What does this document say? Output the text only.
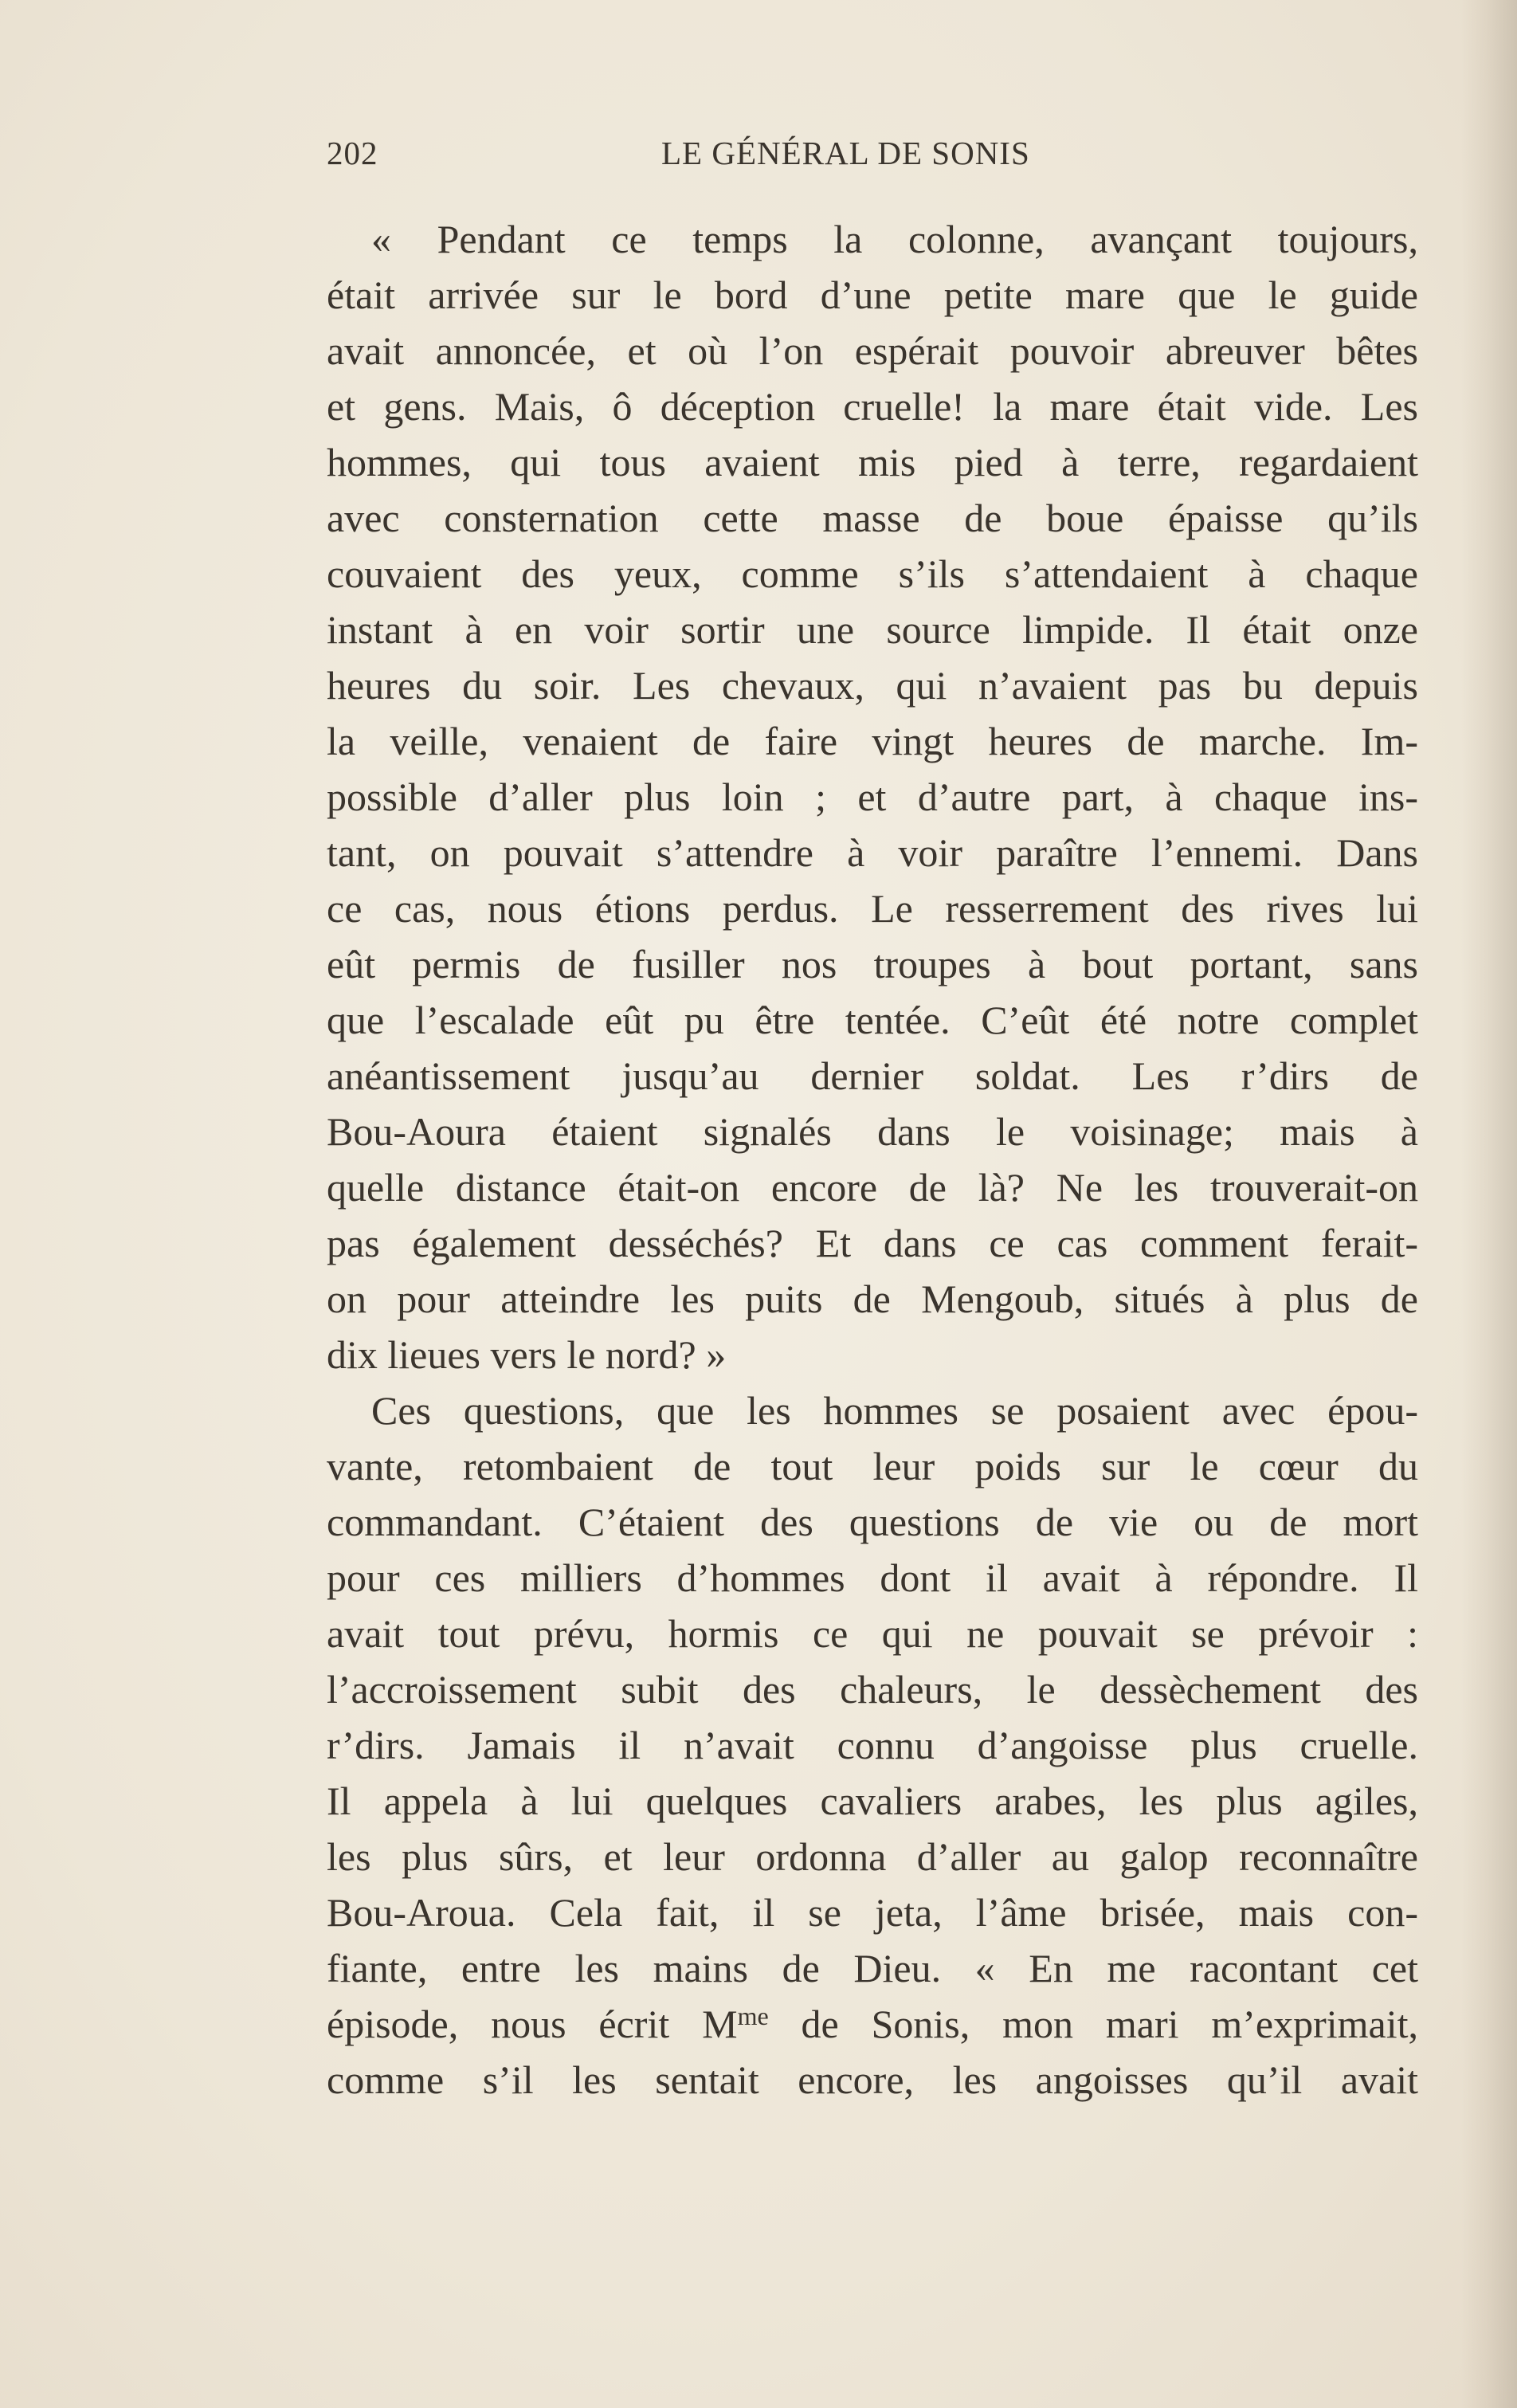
202	LE GÉNÉRAL DE SONIS
« Pendant ce temps la colonne, avançant toujours,
était arrivée sur le bord d’une petite mare que le guide
avait annoncée, et où l’on espérait pouvoir abreuver bêtes
et gens. Mais, ô déception cruelle! la mare était vide. Les
hommes, qui tous avaient mis pied à terre, regardaient
avec consternation cette masse de boue épaisse qu’ils
couvaient des yeux, comme s’ils s’attendaient à chaque
instant à en voir sortir une source limpide. Il était onze
heures du soir. Les chevaux, qui n’avaient pas bu depuis
la veille, venaient de faire vingt heures de marche. Im-
possible d’aller plus loin ; et d’autre part, à chaque ins-
tant, on pouvait s’attendre à voir paraître l’ennemi. Dans
ce cas, nous étions perdus. Le resserrement des rives lui
eût permis de fusiller nos troupes à bout portant, sans
que l’escalade eût pu être tentée. C’eût été notre complet
anéantissement jusqu’au dernier soldat. Les r’dirs de
Bou-Aoura étaient signalés dans le voisinage; mais à
quelle distance était-on encore de là? Ne les trouverait-on
pas également desséchés? Et dans ce cas comment ferait-
on pour atteindre les puits de Mengoub, situés à plus de
dix lieues vers le nord? »
Ces questions, que les hommes se posaient avec épou-
vante, retombaient de tout leur poids sur le cœur du
commandant. C’étaient des questions de vie ou de mort
pour ces milliers d’hommes dont il avait à répondre. Il
avait tout prévu, hormis ce qui ne pouvait se prévoir :
l’accroissement subit des chaleurs, le dessèchement des
r’dirs. Jamais il n’avait connu d’angoisse plus cruelle.
Il appela à lui quelques cavaliers arabes, les plus agiles,
les plus sûrs, et leur ordonna d’aller au galop reconnaître
Bou-Aroua. Cela fait, il se jeta, l’âme brisée, mais con-
fiante, entre les mains de Dieu. « En me racontant cet
épisode, nous écrit $M^{me}$ de Sonis, mon mari m’exprimait,
comme s’il les sentait encore, les angoisses qu’il avait
